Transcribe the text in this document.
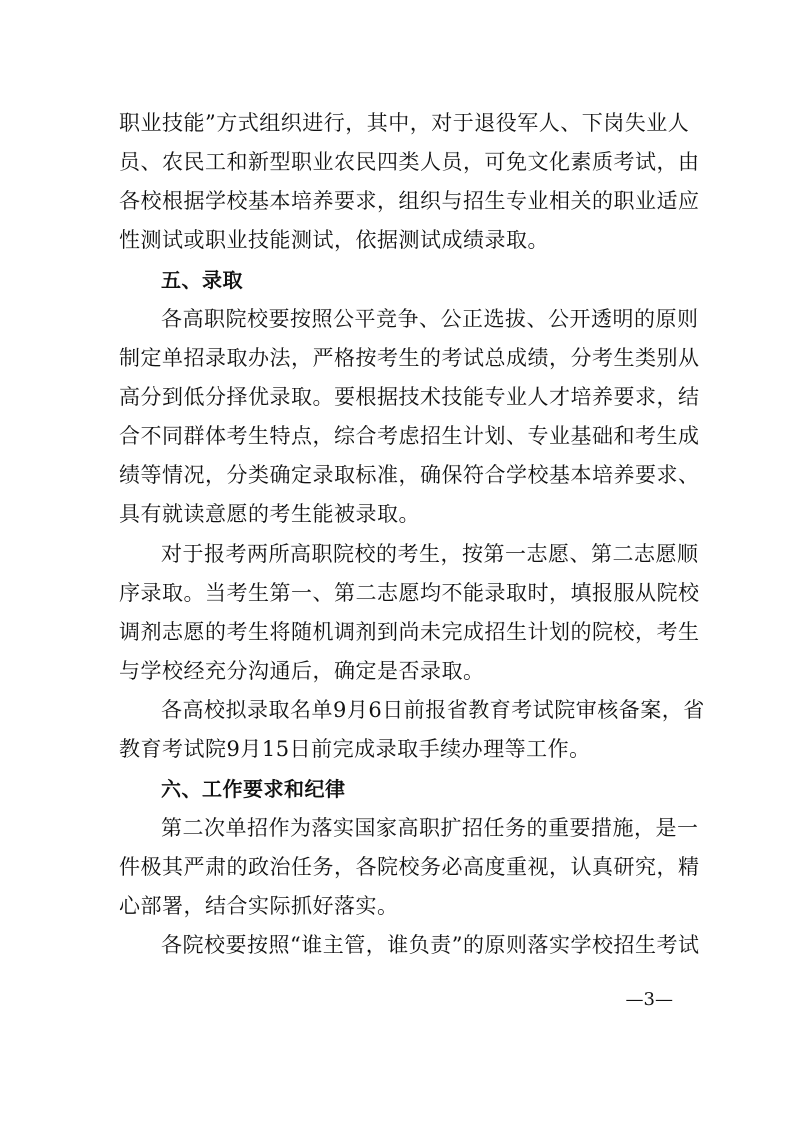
职业技能”方式组织进行，其中，对于退役军人、下岗失业人
员、农民工和新型职业农民四类人员，可免文化素质考试，由
各校根据学校基本培养要求，组织与招生专业相关的职业适应
性测试或职业技能测试，依据测试成绩录取。
五、录取
各高职院校要按照公平竞争、公正选拔、公开透明的原则
制定单招录取办法，严格按考生的考试总成绩，分考生类别从
高分到低分择优录取。要根据技术技能专业人才培养要求，结
合不同群体考生特点，综合考虑招生计划、专业基础和考生成
绩等情况，分类确定录取标准，确保符合学校基本培养要求、
具有就读意愿的考生能被录取。
对于报考两所高职院校的考生，按第一志愿、第二志愿顺
序录取。当考生第一、第二志愿均不能录取时，填报服从院校
调剂志愿的考生将随机调剂到尚未完成招生计划的院校，考生
与学校经充分沟通后，确定是否录取。
各高校拟录取名单9月6日前报省教育考试院审核备案，省
教育考试院9月15日前完成录取手续办理等工作。
六、工作要求和纪律
第二次单招作为落实国家高职扩招任务的重要措施，是一
件极其严肃的政治任务，各院校务必高度重视，认真研究，精
心部署，结合实际抓好落实。
各院校要按照“谁主管，谁负责”的原则落实学校招生考试
—3—
